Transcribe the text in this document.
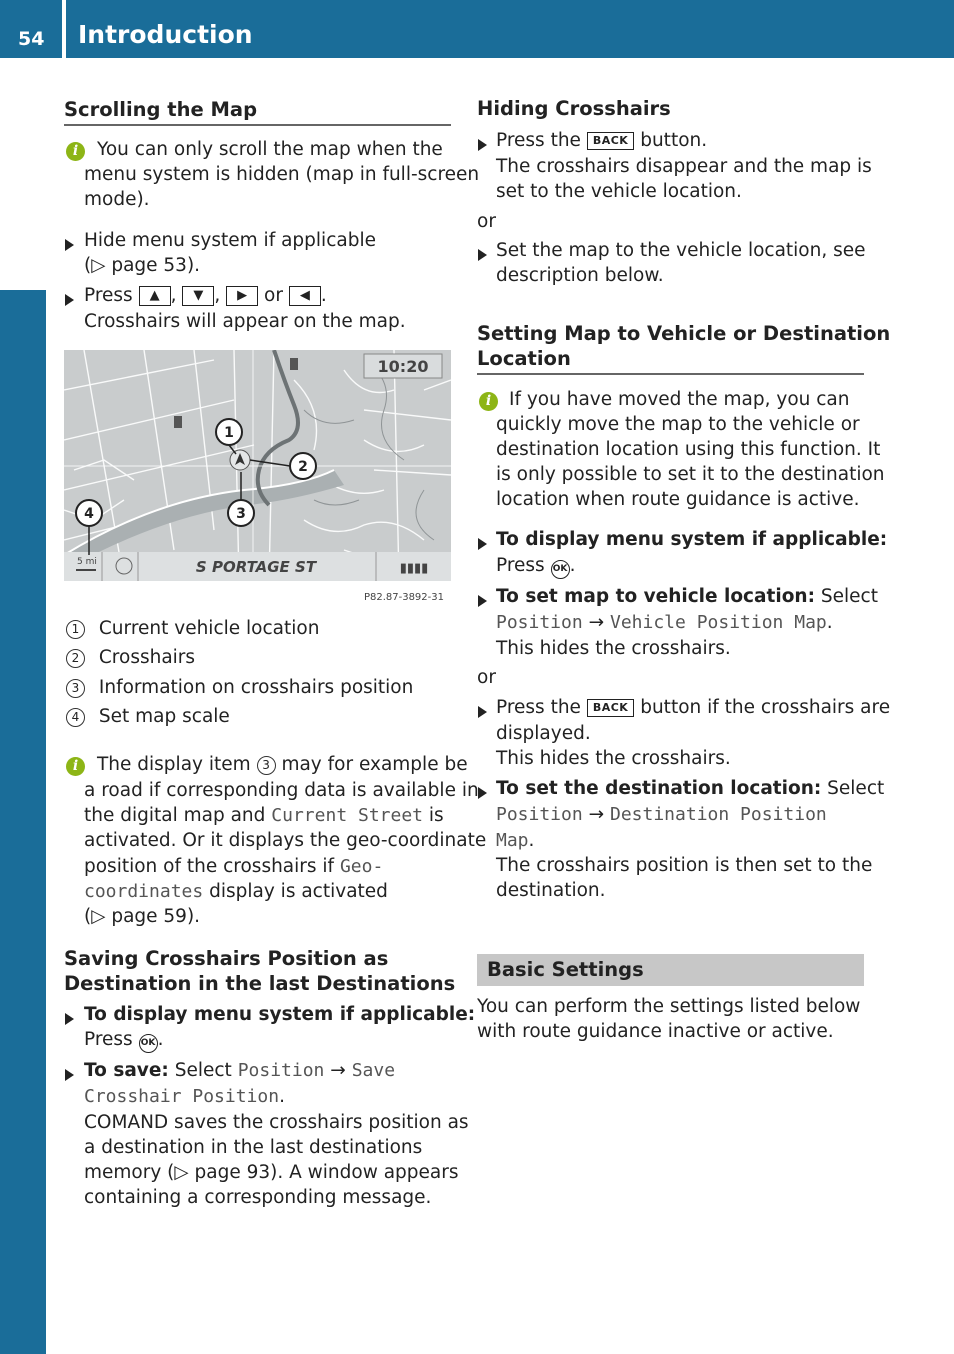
54 Introduction
Scrolling the Map
i	You can only scroll the map when the
menu system is hidden (map in full-screen
mode).
Hide menu system if applicable
(▷ page 53).
Press ▲ , ▼ , ▶ or ◀ .
Crosshairs will appear on the map.
10:20
5 mi	S PORTAGE ST	▮▮▮▮
1
2
3
4
P82.87-3892-31
1 Current vehicle location
2 Crosshairs
3 Information on crosshairs position
4 Set map scale
i	The display item 3 may for example be
a road if corresponding data is available in
the digital map and Current Street is
activated. Or it displays the geo-coordinate
position of the crosshairs if Geo-
coordinates display is activated
(▷ page 59).
Saving Crosshairs Position as
Destination in the last Destinations
To display menu system if applicable:
Press OK .
To save: Select Position → Save
Crosshair Position.
COMAND saves the crosshairs position as
a destination in the last destinations
memory (▷ page 93). A window appears
containing a corresponding message.
Hiding Crosshairs
Press the BACK button.
The crosshairs disappear and the map is
set to the vehicle location.
or
Set the map to the vehicle location, see
description below.
Setting Map to Vehicle or Destination
Location
i If you have moved the map, you can
quickly move the map to the vehicle or
destination location using this function. It
is only possible to set it to the destination
location when route guidance is active.
To display menu system if applicable:
Press OK .
To set map to vehicle location: Select
Position → Vehicle Position Map.
This hides the crosshairs.
or
Press the BACK button if the crosshairs are
displayed.
This hides the crosshairs.
To set the destination location: Select
Position → Destination Position
Map.
The crosshairs position is then set to the
destination.
Basic Settings
You can perform the settings listed below
with route guidance inactive or active.
